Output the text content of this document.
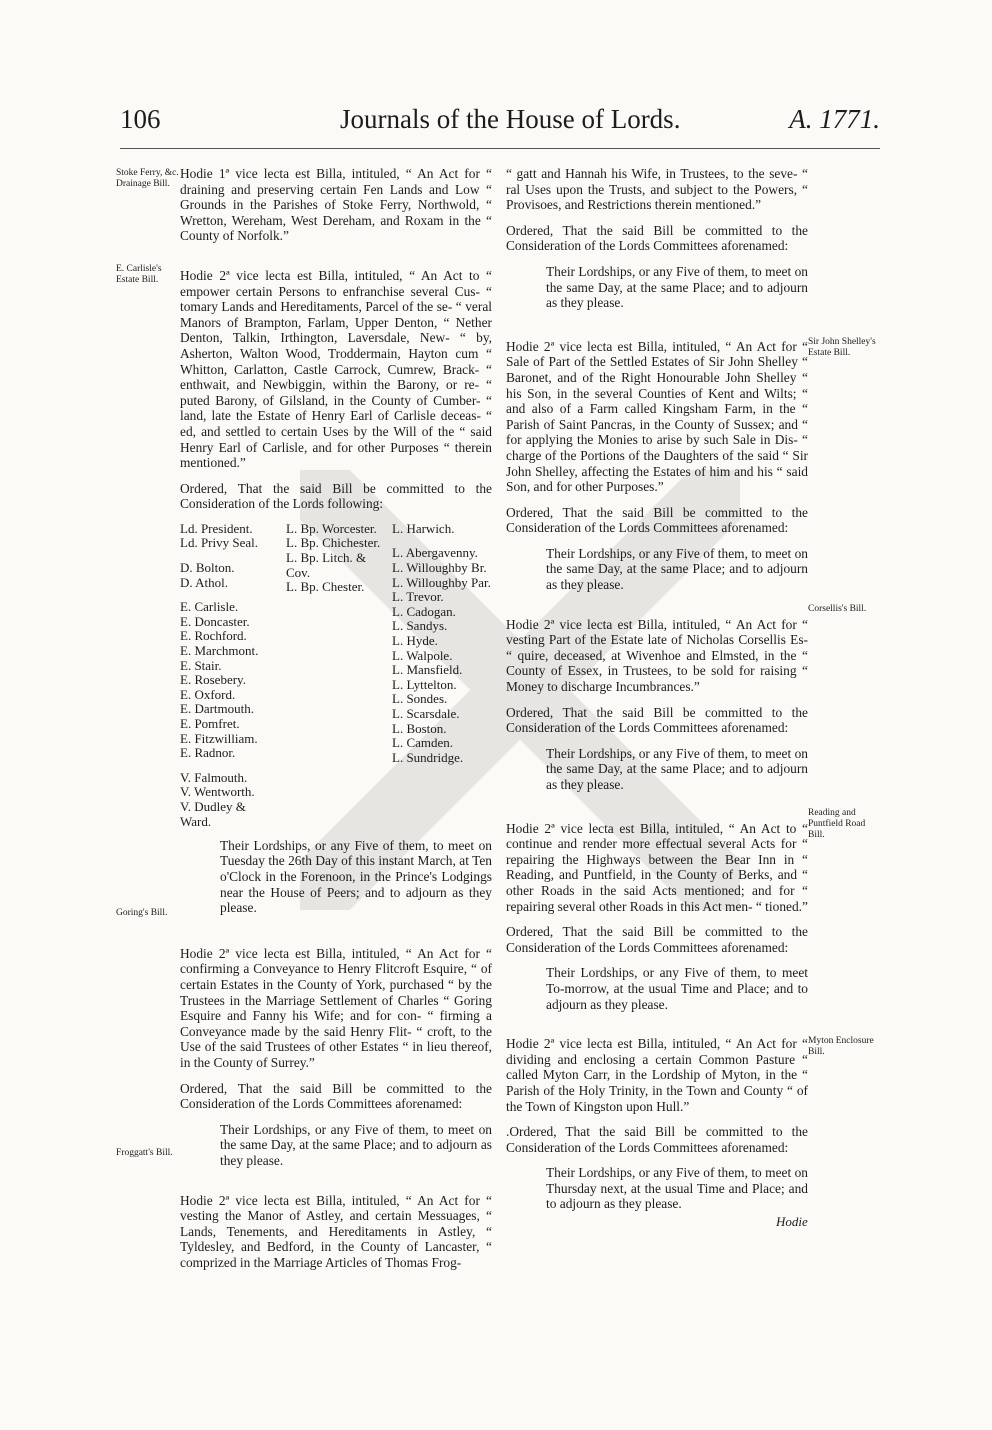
106	Journals of the House of Lords.	A. 1771.
Stoke Ferry, &c. Drainage Bill.
E. Carlisle's Estate Bill.
Goring's Bill.
Froggatt's Bill.
Sir John Shelley's Estate Bill.
Corsellis's Bill.
Reading and Puntfield Road Bill.
Myton Enclosure Bill.

Hodie 1ª vice lecta est Billa, intituled, “ An Act for “ draining and preserving certain Fen Lands and Low “ Grounds in the Parishes of Stoke Ferry, Northwold, “ Wretton, Wereham, West Dereham, and Roxam in the “ County of Norfolk.”

Hodie 2ª vice lecta est Billa, intituled, “ An Act to “ empower certain Persons to enfranchise several Cus- “ tomary Lands and Hereditaments, Parcel of the se- “ veral Manors of Brampton, Farlam, Upper Denton, “ Nether Denton, Talkin, Irthington, Laversdale, New- “ by, Asherton, Walton Wood, Troddermain, Hayton cum “ Whitton, Carlatton, Castle Carrock, Cumrew, Brack- “ enthwait, and Newbiggin, within the Barony, or re- “ puted Barony, of Gilsland, in the County of Cumber- “ land, late the Estate of Henry Earl of Carlisle deceas- “ ed, and settled to certain Uses by the Will of the “ said Henry Earl of Carlisle, and for other Purposes “ therein mentioned.”

Ordered, That the said Bill be committed to the Consideration of the Lords following:

Ld. President.
Ld. Privy Seal.
D. Bolton.
D. Athol.
E. Carlisle.
E. Doncaster.
E. Rochford.
E. Marchmont.
E. Stair.
E. Rosebery.
E. Oxford.
E. Dartmouth.
E. Pomfret.
E. Fitzwilliam.
E. Radnor.
V. Falmouth.
V. Wentworth.
V. Dudley &
Ward.
L. Bp. Worcester.
L. Bp. Chichester.
L. Bp. Litch. &
Cov.
L. Bp. Chester.
L. Harwich.
L. Abergavenny.
L. Willoughby Br.
L. Willoughby Par.
L. Trevor.
L. Cadogan.
L. Sandys.
L. Hyde.
L. Walpole.
L. Mansfield.
L. Lyttelton.
L. Sondes.
L. Scarsdale.
L. Boston.
L. Camden.
L. Sundridge.

Their Lordships, or any Five of them, to meet on Tuesday the 26th Day of this instant March, at Ten o'Clock in the Forenoon, in the Prince's Lodgings near the House of Peers; and to adjourn as they please.

Hodie 2ª vice lecta est Billa, intituled, “ An Act for “ confirming a Conveyance to Henry Flitcroft Esquire, “ of certain Estates in the County of York, purchased “ by the Trustees in the Marriage Settlement of Charles “ Goring Esquire and Fanny his Wife; and for con- “ firming a Conveyance made by the said Henry Flit- “ croft, to the Use of the said Trustees of other Estates “ in lieu thereof, in the County of Surrey.”

Ordered, That the said Bill be committed to the Consideration of the Lords Committees aforenamed:

Their Lordships, or any Five of them, to meet on the same Day, at the same Place; and to adjourn as they please.

Hodie 2ª vice lecta est Billa, intituled, “ An Act for “ vesting the Manor of Astley, and certain Messuages, “ Lands, Tenements, and Hereditaments in Astley, “ Tyldesley, and Bedford, in the County of Lancaster, “ comprized in the Marriage Articles of Thomas Frog-

“ gatt and Hannah his Wife, in Trustees, to the seve- “ ral Uses upon the Trusts, and subject to the Powers, “ Provisoes, and Restrictions therein mentioned.”

Ordered, That the said Bill be committed to the Consideration of the Lords Committees aforenamed:

Their Lordships, or any Five of them, to meet on the same Day, at the same Place; and to adjourn as they please.

Hodie 2ª vice lecta est Billa, intituled, “ An Act for “ Sale of Part of the Settled Estates of Sir John Shelley “ Baronet, and of the Right Honourable John Shelley “ his Son, in the several Counties of Kent and Wilts; “ and also of a Farm called Kingsham Farm, in the “ Parish of Saint Pancras, in the County of Sussex; and “ for applying the Monies to arise by such Sale in Dis- “ charge of the Portions of the Daughters of the said “ Sir John Shelley, affecting the Estates of him and his “ said Son, and for other Purposes.”

Ordered, That the said Bill be committed to the Consideration of the Lords Committees aforenamed:

Their Lordships, or any Five of them, to meet on the same Day, at the same Place; and to adjourn as they please.

Hodie 2ª vice lecta est Billa, intituled, “ An Act for “ vesting Part of the Estate late of Nicholas Corsellis Es- “ quire, deceased, at Wivenhoe and Elmsted, in the “ County of Essex, in Trustees, to be sold for raising “ Money to discharge Incumbrances.”

Ordered, That the said Bill be committed to the Consideration of the Lords Committees aforenamed:

Their Lordships, or any Five of them, to meet on the same Day, at the same Place; and to adjourn as they please.

Hodie 2ª vice lecta est Billa, intituled, “ An Act to “ continue and render more effectual several Acts for “ repairing the Highways between the Bear Inn in “ Reading, and Puntfield, in the County of Berks, and “ other Roads in the said Acts mentioned; and for “ repairing several other Roads in this Act men- “ tioned.”

Ordered, That the said Bill be committed to the Consideration of the Lords Committees aforenamed:

Their Lordships, or any Five of them, to meet To-morrow, at the usual Time and Place; and to adjourn as they please.

Hodie 2ª vice lecta est Billa, intituled, “ An Act for “ dividing and enclosing a certain Common Pasture “ called Myton Carr, in the Lordship of Myton, in the “ Parish of the Holy Trinity, in the Town and County “ of the Town of Kingston upon Hull.”

.Ordered, That the said Bill be committed to the Consideration of the Lords Committees aforenamed:

Their Lordships, or any Five of them, to meet on Thursday next, at the usual Time and Place; and to adjourn as they please.

Hodie
